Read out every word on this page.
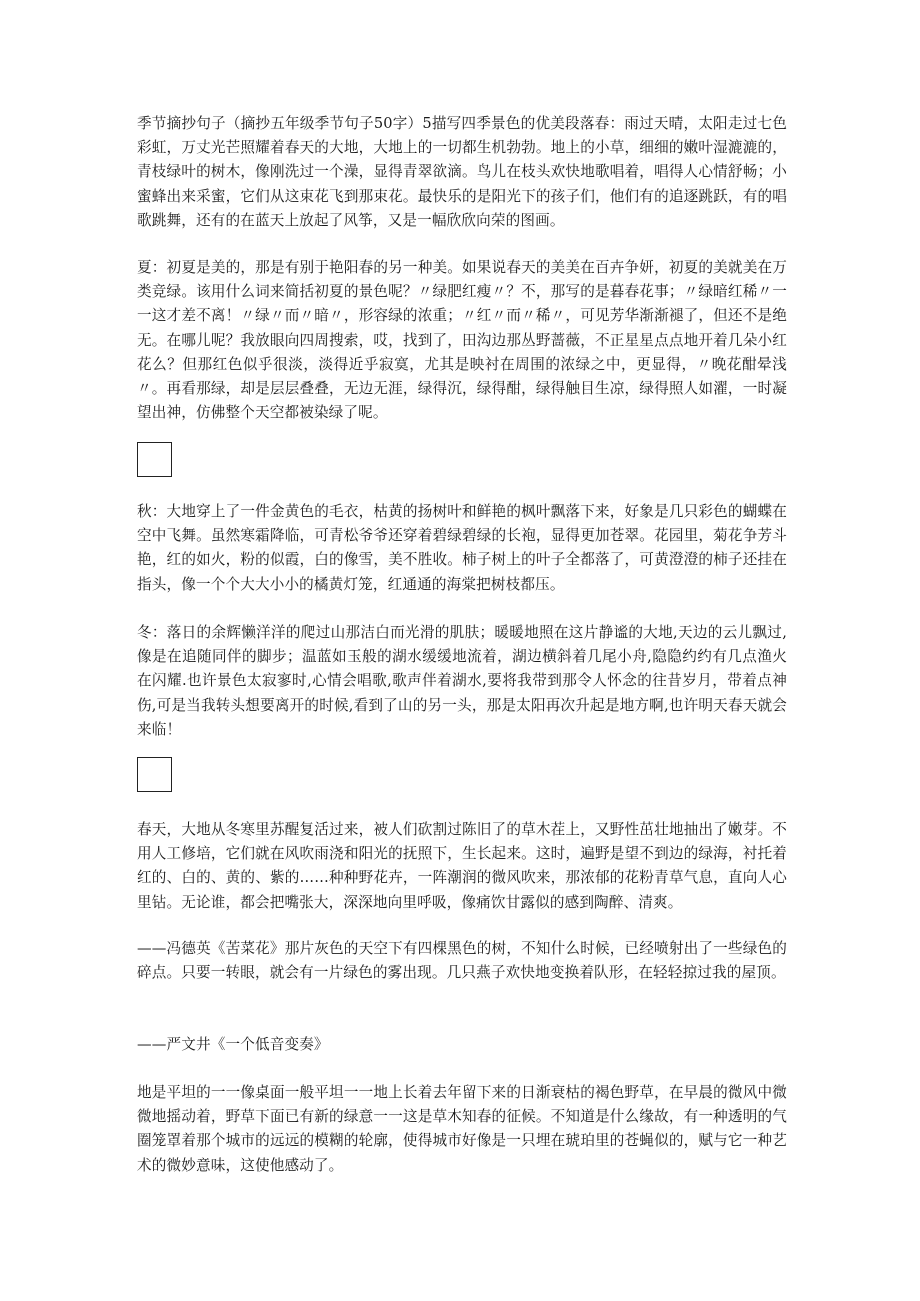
季节摘抄句子（摘抄五年级季节句子50字）5描写四季景色的优美段落春：雨过天晴，太阳走过七色彩虹，万丈光芒照耀着春天的大地，大地上的一切都生机勃勃。地上的小草，细细的嫩叶湿漉漉的，青枝绿叶的树木，像刚洗过一个澡，显得青翠欲滴。鸟儿在枝头欢快地歌唱着，唱得人心情舒畅；小蜜蜂出来采蜜，它们从这束花飞到那束花。最快乐的是阳光下的孩子们，他们有的追逐跳跃，有的唱歌跳舞，还有的在蓝天上放起了风筝，又是一幅欣欣向荣的图画。

夏：初夏是美的，那是有别于艳阳春的另一种美。如果说春天的美美在百卉争妍，初夏的美就美在万类竞绿。该用什么词来简括初夏的景色呢？〃绿肥红瘦〃？不，那写的是暮春花事；〃绿暗红稀〃一一这才差不离！〃绿〃而〃暗〃，形容绿的浓重；〃红〃而〃稀〃，可见芳华渐渐褪了，但还不是绝无。在哪儿呢？我放眼向四周搜索，哎，找到了，田沟边那丛野蔷薇，不正星星点点地开着几朵小红花么？但那红色似乎很淡，淡得近乎寂寞，尤其是映衬在周围的浓绿之中，更显得，〃晚花酣晕浅〃。再看那绿，却是层层叠叠，无边无涯，绿得沉，绿得酣，绿得触目生凉，绿得照人如濯，一时凝望出神，仿佛整个天空都被染绿了呢。

秋：大地穿上了一件金黄色的毛衣，枯黄的扬树叶和鲜艳的枫叶飘落下来，好象是几只彩色的蝴蝶在空中飞舞。虽然寒霜降临，可青松爷爷还穿着碧绿碧绿的长袍，显得更加苍翠。花园里，菊花争芳斗艳，红的如火，粉的似霞，白的像雪，美不胜收。柿子树上的叶子全都落了，可黄澄澄的柿子还挂在指头，像一个个大大小小的橘黄灯笼，红通通的海棠把树枝都压。

冬：落日的余辉懒洋洋的爬过山那洁白而光滑的肌肤；暖暖地照在这片静谧的大地,天边的云儿飘过,像是在追随同伴的脚步；温蓝如玉般的湖水缓缓地流着，湖边横斜着几尾小舟,隐隐约约有几点渔火在闪耀.也许景色太寂寥时,心情会唱歌,歌声伴着湖水,要将我带到那令人怀念的往昔岁月，带着点神伤,可是当我转头想要离开的时候,看到了山的另一头，那是太阳再次升起是地方啊,也许明天春天就会来临！

春天，大地从冬寒里苏醒复活过来，被人们砍割过陈旧了的草木茬上，又野性茁壮地抽出了嫩芽。不用人工修培，它们就在风吹雨浇和阳光的抚照下，生长起来。这时，遍野是望不到边的绿海，衬托着红的、白的、黄的、紫的……种种野花卉，一阵潮润的微风吹来，那浓郁的花粉青草气息，直向人心里钻。无论谁，都会把嘴张大，深深地向里呼吸，像痛饮甘露似的感到陶醉、清爽。

——冯德英《苦菜花》那片灰色的天空下有四棵黑色的树，不知什么时候，已经喷射出了一些绿色的碎点。只要一转眼，就会有一片绿色的雾出现。几只燕子欢快地变换着队形，在轻轻掠过我的屋顶。

——严文井《一个低音变奏》

地是平坦的一一像桌面一般平坦一一地上长着去年留下来的日渐衰枯的褐色野草，在早晨的微风中微微地摇动着，野草下面已有新的绿意一一这是草木知春的征候。不知道是什么缘故，有一种透明的气圈笼罩着那个城市的远远的模糊的轮廓，使得城市好像是一只埋在琥珀里的苍蝇似的，赋与它一种艺术的微妙意味，这使他感动了。
